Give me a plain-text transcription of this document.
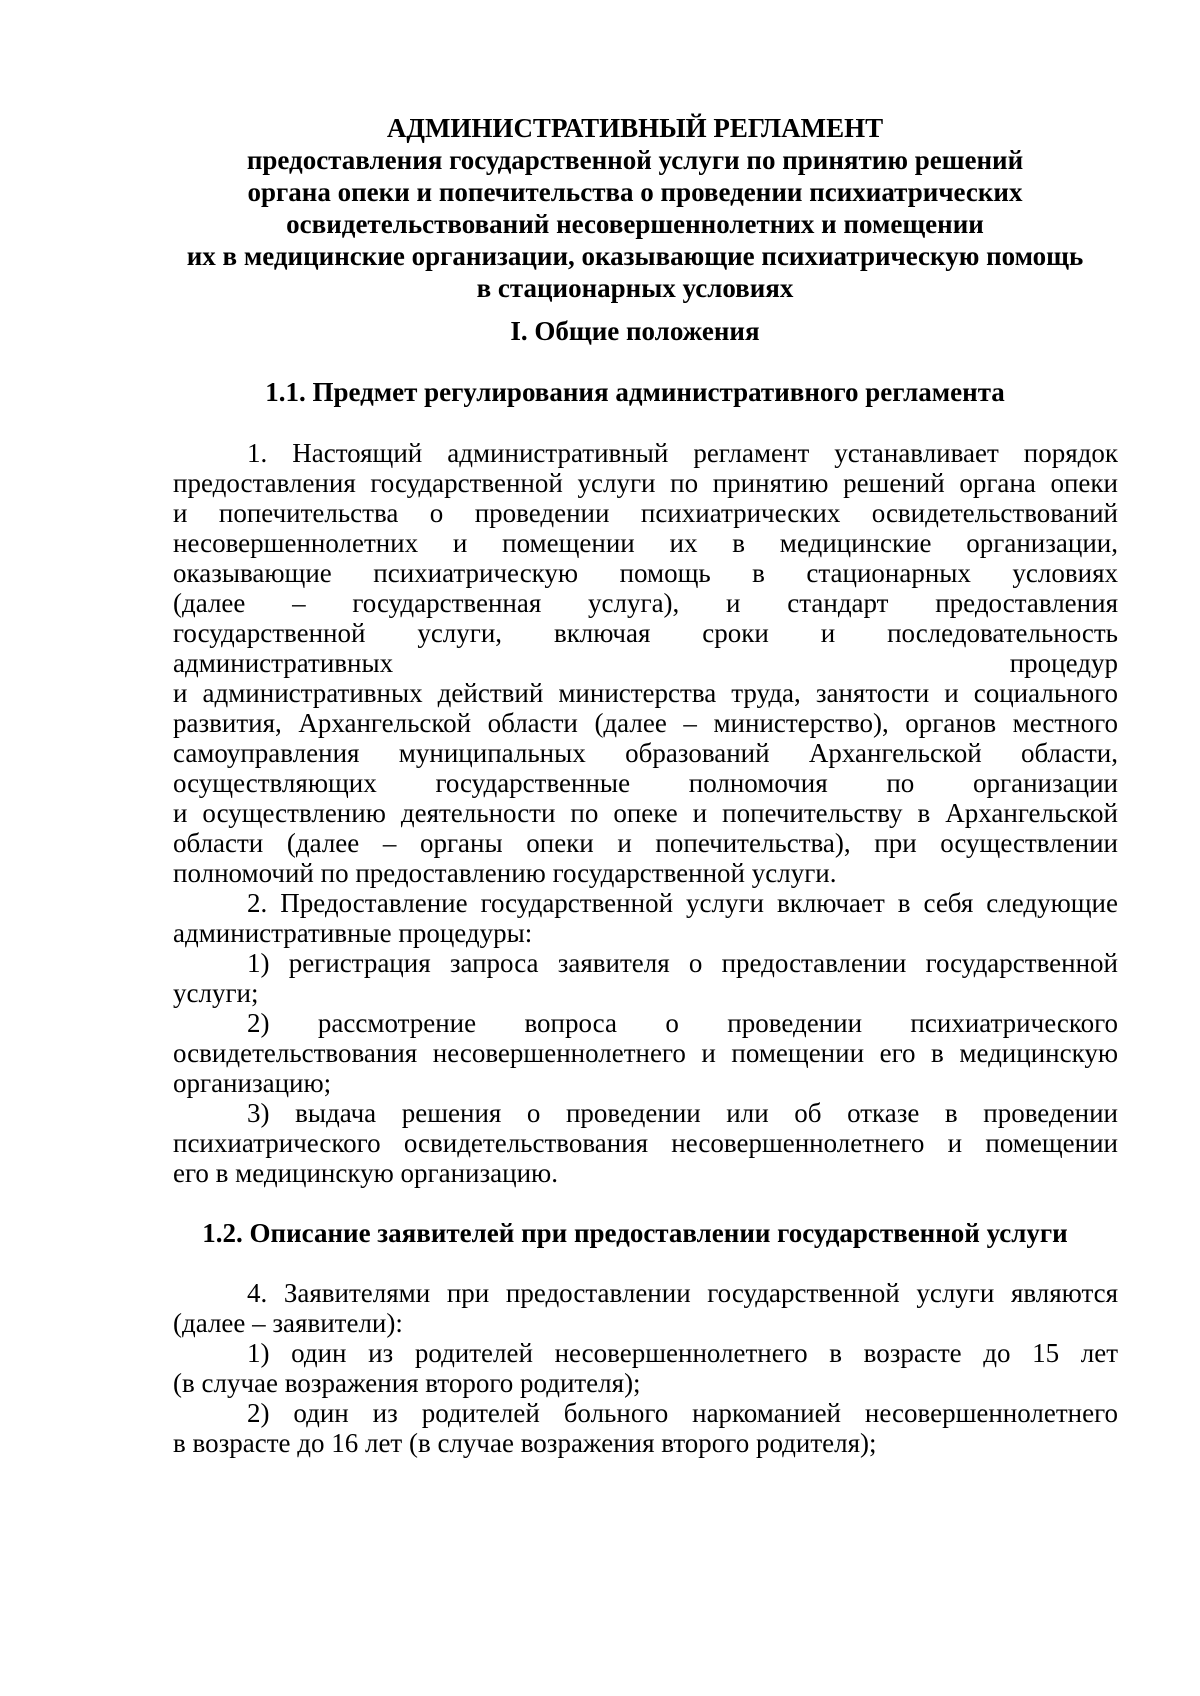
АДМИНИСТРАТИВНЫЙ РЕГЛАМЕНТ
предоставления государственной услуги по принятию решений
органа опеки и попечительства о проведении психиатрических
освидетельствований несовершеннолетних и помещении
их в медицинские организации, оказывающие психиатрическую помощь
в стационарных условиях
I. Общие положения
1.1. Предмет регулирования административного регламента
1. Настоящий административный регламент устанавливает порядок
предоставления государственной услуги по принятию решений органа опеки
и попечительства о проведении психиатрических освидетельствований
несовершеннолетних и помещении их в медицинские организации,
оказывающие психиатрическую помощь в стационарных условиях
(далее – государственная услуга), и стандарт предоставления
государственной услуги, включая сроки и последовательность
административных	процедур
и административных действий министерства труда, занятости и социального
развития, Архангельской области (далее – министерство), органов местного
самоуправления муниципальных образований Архангельской области,
осуществляющих государственные полномочия по организации
и осуществлению деятельности по опеке и попечительству в Архангельской
области (далее – органы опеки и попечительства), при осуществлении
полномочий по предоставлению государственной услуги.
2. Предоставление государственной услуги включает в себя следующие
административные процедуры:
1) регистрация запроса заявителя о предоставлении государственной
услуги;
2) рассмотрение вопроса о проведении психиатрического
освидетельствования несовершеннолетнего и помещении его в медицинскую
организацию;
3) выдача решения о проведении или об отказе в проведении
психиатрического освидетельствования несовершеннолетнего и помещении
его в медицинскую организацию.
1.2. Описание заявителей при предоставлении государственной услуги
4. Заявителями при предоставлении государственной услуги являются
(далее – заявители):
1) один из родителей несовершеннолетнего в возрасте до 15 лет
(в случае возражения второго родителя);
2) один из родителей больного наркоманией несовершеннолетнего
в возрасте до 16 лет (в случае возражения второго родителя);
